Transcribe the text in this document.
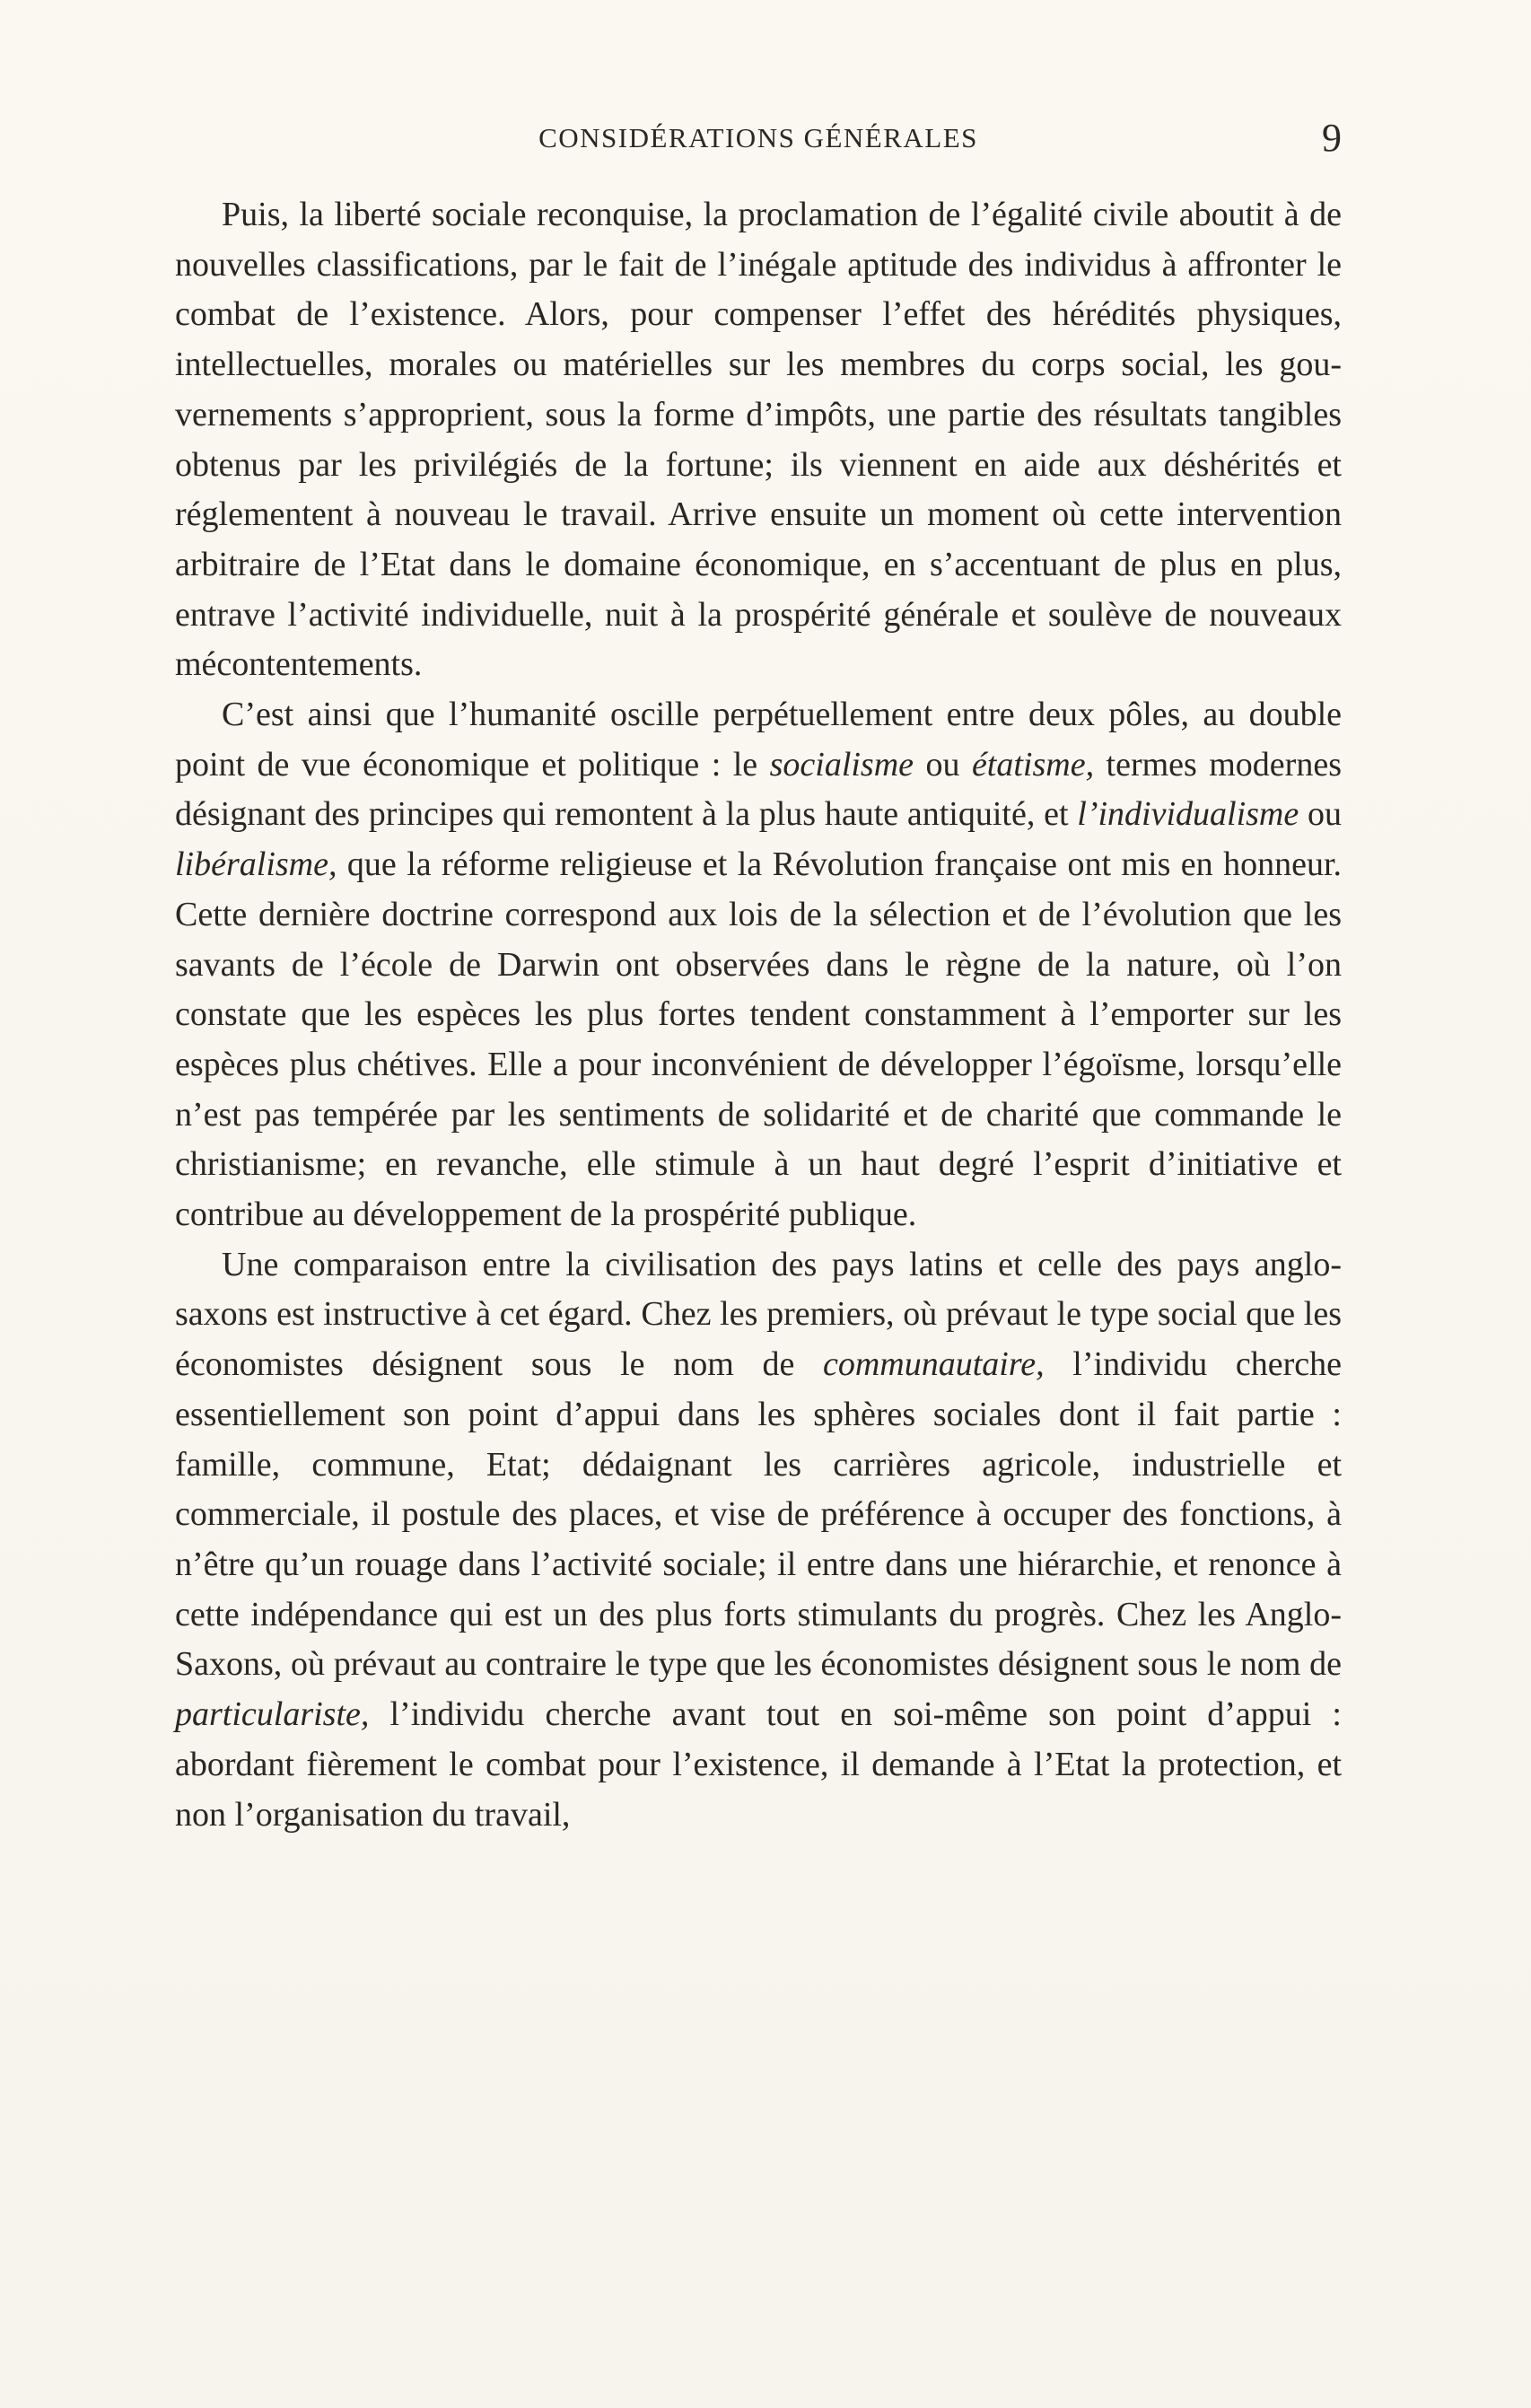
CONSIDÉRATIONS GÉNÉRALES	9

Puis, la liberté sociale reconquise, la proclamation de l’égalité civile aboutit à de nouvelles classifications, par le fait de l’inégale aptitude des individus à affronter le combat de l’existence. Alors, pour compenser l’effet des hérédités physiques, intellectuelles, morales ou matérielles sur les membres du corps social, les gouvernements s’approprient, sous la forme d’impôts, une partie des résultats tangibles obtenus par les privilégiés de la fortune; ils viennent en aide aux déshérités et réglementent à nouveau le travail. Arrive ensuite un moment où cette intervention arbitraire de l’Etat dans le domaine économique, en s’accentuant de plus en plus, entrave l’activité individuelle, nuit à la prospérité générale et soulève de nouveaux mécontentements.

C’est ainsi que l’humanité oscille perpétuellement entre deux pôles, au double point de vue économique et politique : le socialisme ou étatisme, termes modernes désignant des principes qui remontent à la plus haute antiquité, et l’individualisme ou libéralisme, que la réforme religieuse et la Révolution française ont mis en honneur. Cette dernière doctrine correspond aux lois de la sélection et de l’évolution que les savants de l’école de Darwin ont observées dans le règne de la nature, où l’on constate que les espèces les plus fortes tendent constamment à l’emporter sur les espèces plus chétives. Elle a pour inconvénient de développer l’égoïsme, lorsqu’elle n’est pas tempérée par les sentiments de solidarité et de charité que commande le christianisme; en revanche, elle stimule à un haut degré l’esprit d’initiative et contribue au développement de la prospérité publique.

Une comparaison entre la civilisation des pays latins et celle des pays anglo-saxons est instructive à cet égard. Chez les premiers, où prévaut le type social que les économistes désignent sous le nom de communautaire, l’individu cherche essentiellement son point d’appui dans les sphères sociales dont il fait partie : famille, commune, Etat; dédaignant les carrières agricole, industrielle et commerciale, il postule des places, et vise de préférence à occuper des fonctions, à n’être qu’un rouage dans l’activité sociale; il entre dans une hiérarchie, et renonce à cette indépendance qui est un des plus forts stimulants du progrès. Chez les Anglo-Saxons, où prévaut au contraire le type que les économistes désignent sous le nom de particulariste, l’individu cherche avant tout en soi-même son point d’appui : abordant fièrement le combat pour l’existence, il demande à l’Etat la protection, et non l’organisation du travail,
